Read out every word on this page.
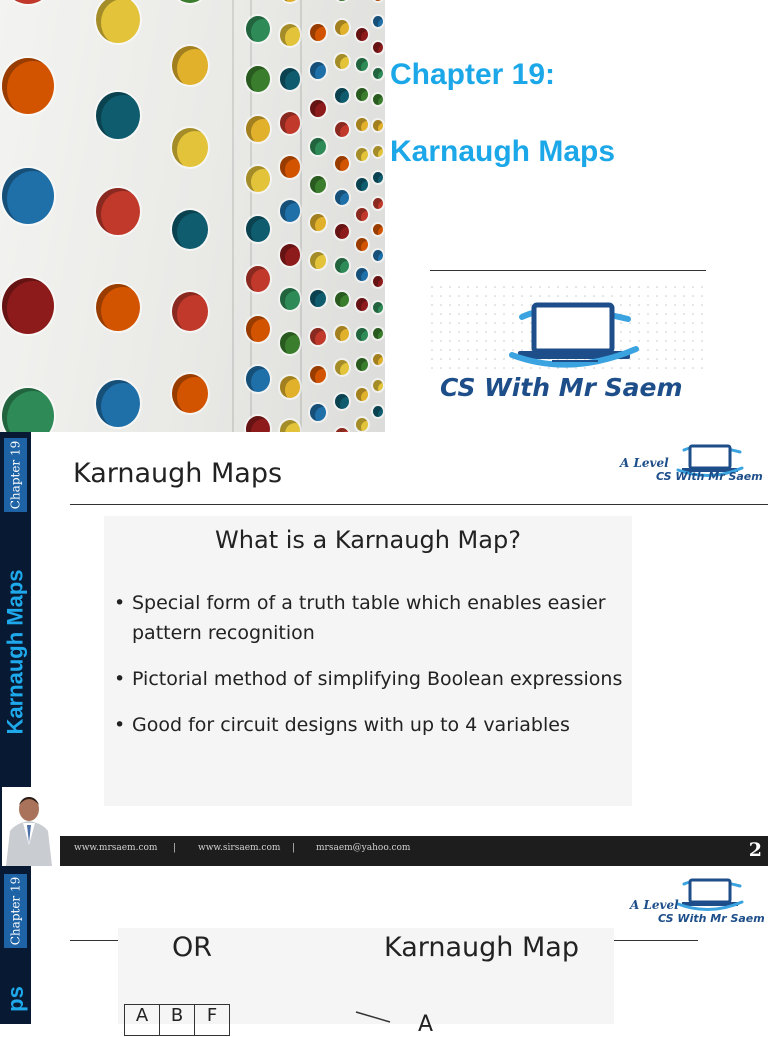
Chapter 19:
Karnaugh Maps
CS With Mr Saem
Chapter 19
Karnaugh Maps
Karnaugh Maps	A Level
CS With Mr Saem
What is a Karnaugh Map?
• Special form of a truth table which enables easier pattern recognition
• Pictorial method of simplifying Boolean expressions
• Good for circuit designs with up to 4 variables
www.mrsaem.com | www.sirsaem.com | mrsaem@yahoo.com	2
Chapter 19
ps
A Level
CS With Mr Saem
OR	Karnaugh Map
A	B	F	A
